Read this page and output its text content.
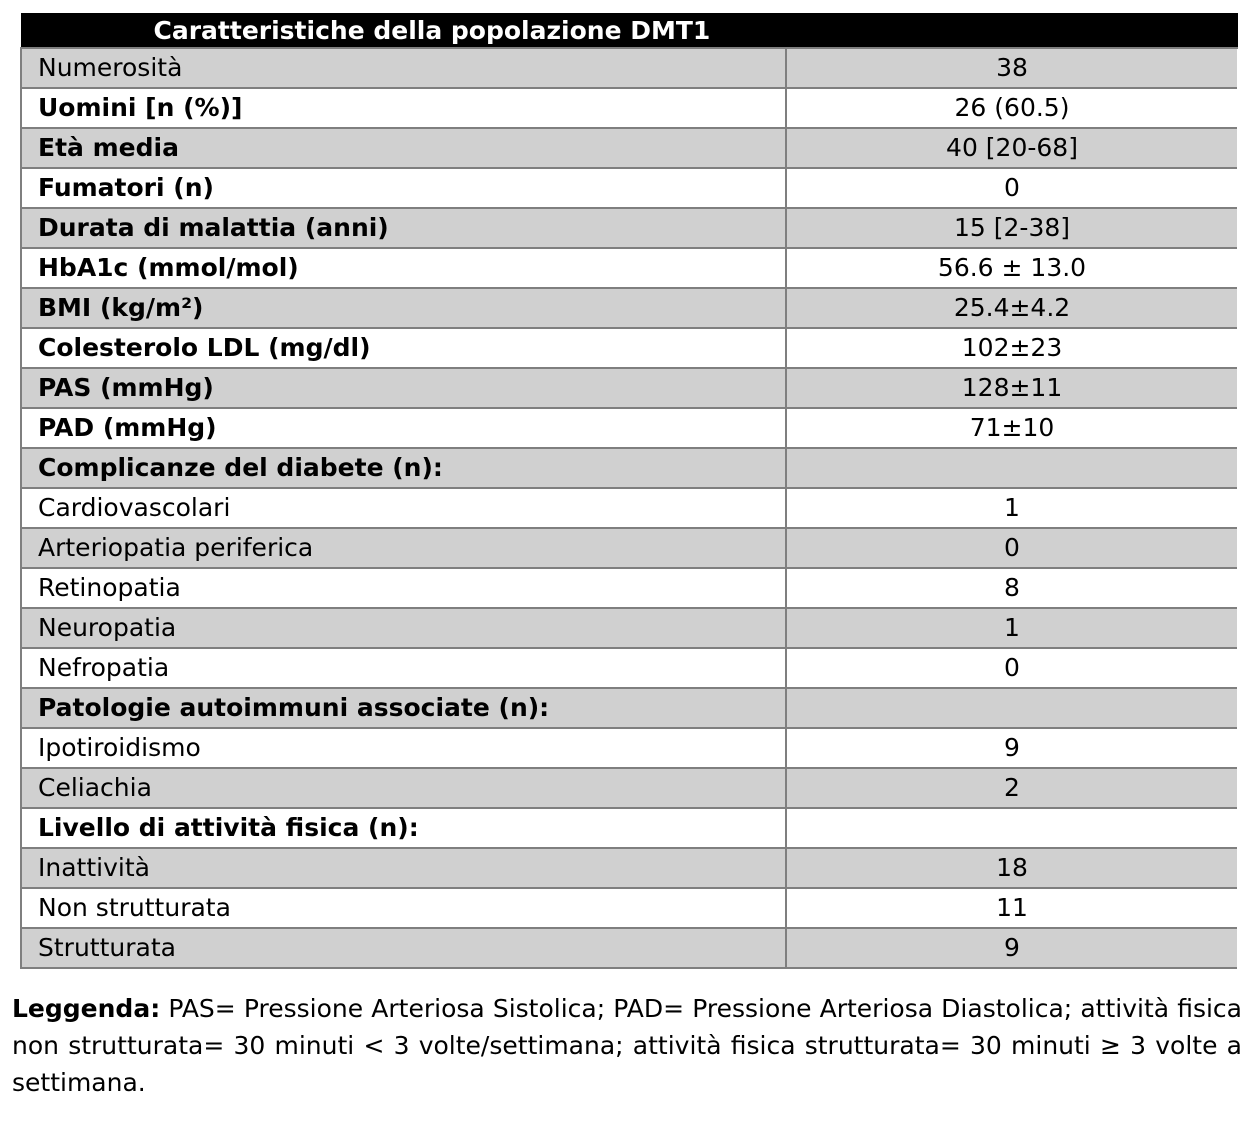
Caratteristiche della popolazione DMT1	
Numerosità	38
Uomini [n (%)]	26 (60.5)
Età media	40 [20-68]
Fumatori (n)	0
Durata di malattia (anni)	15 [2-38]
HbA1c (mmol/mol)	56.6 ± 13.0
BMI (kg/m²)	25.4±4.2
Colesterolo LDL (mg/dl)	102±23
PAS (mmHg)	128±11
PAD (mmHg)	71±10
Complicanze del diabete (n):	
Cardiovascolari	1
Arteriopatia periferica	0
Retinopatia	8
Neuropatia	1
Nefropatia	0
Patologie autoimmuni associate (n):	
Ipotiroidismo	9
Celiachia	2
Livello di attività fisica (n):	
Inattività	18
Non strutturata	11
Strutturata	9
Leggenda: PAS= Pressione Arteriosa Sistolica; PAD= Pressione Arteriosa Diastolica; attività fisica non strutturata= 30 minuti < 3 volte/settimana; attività fisica strutturata= 30 minuti ≥ 3 volte a settimana.
